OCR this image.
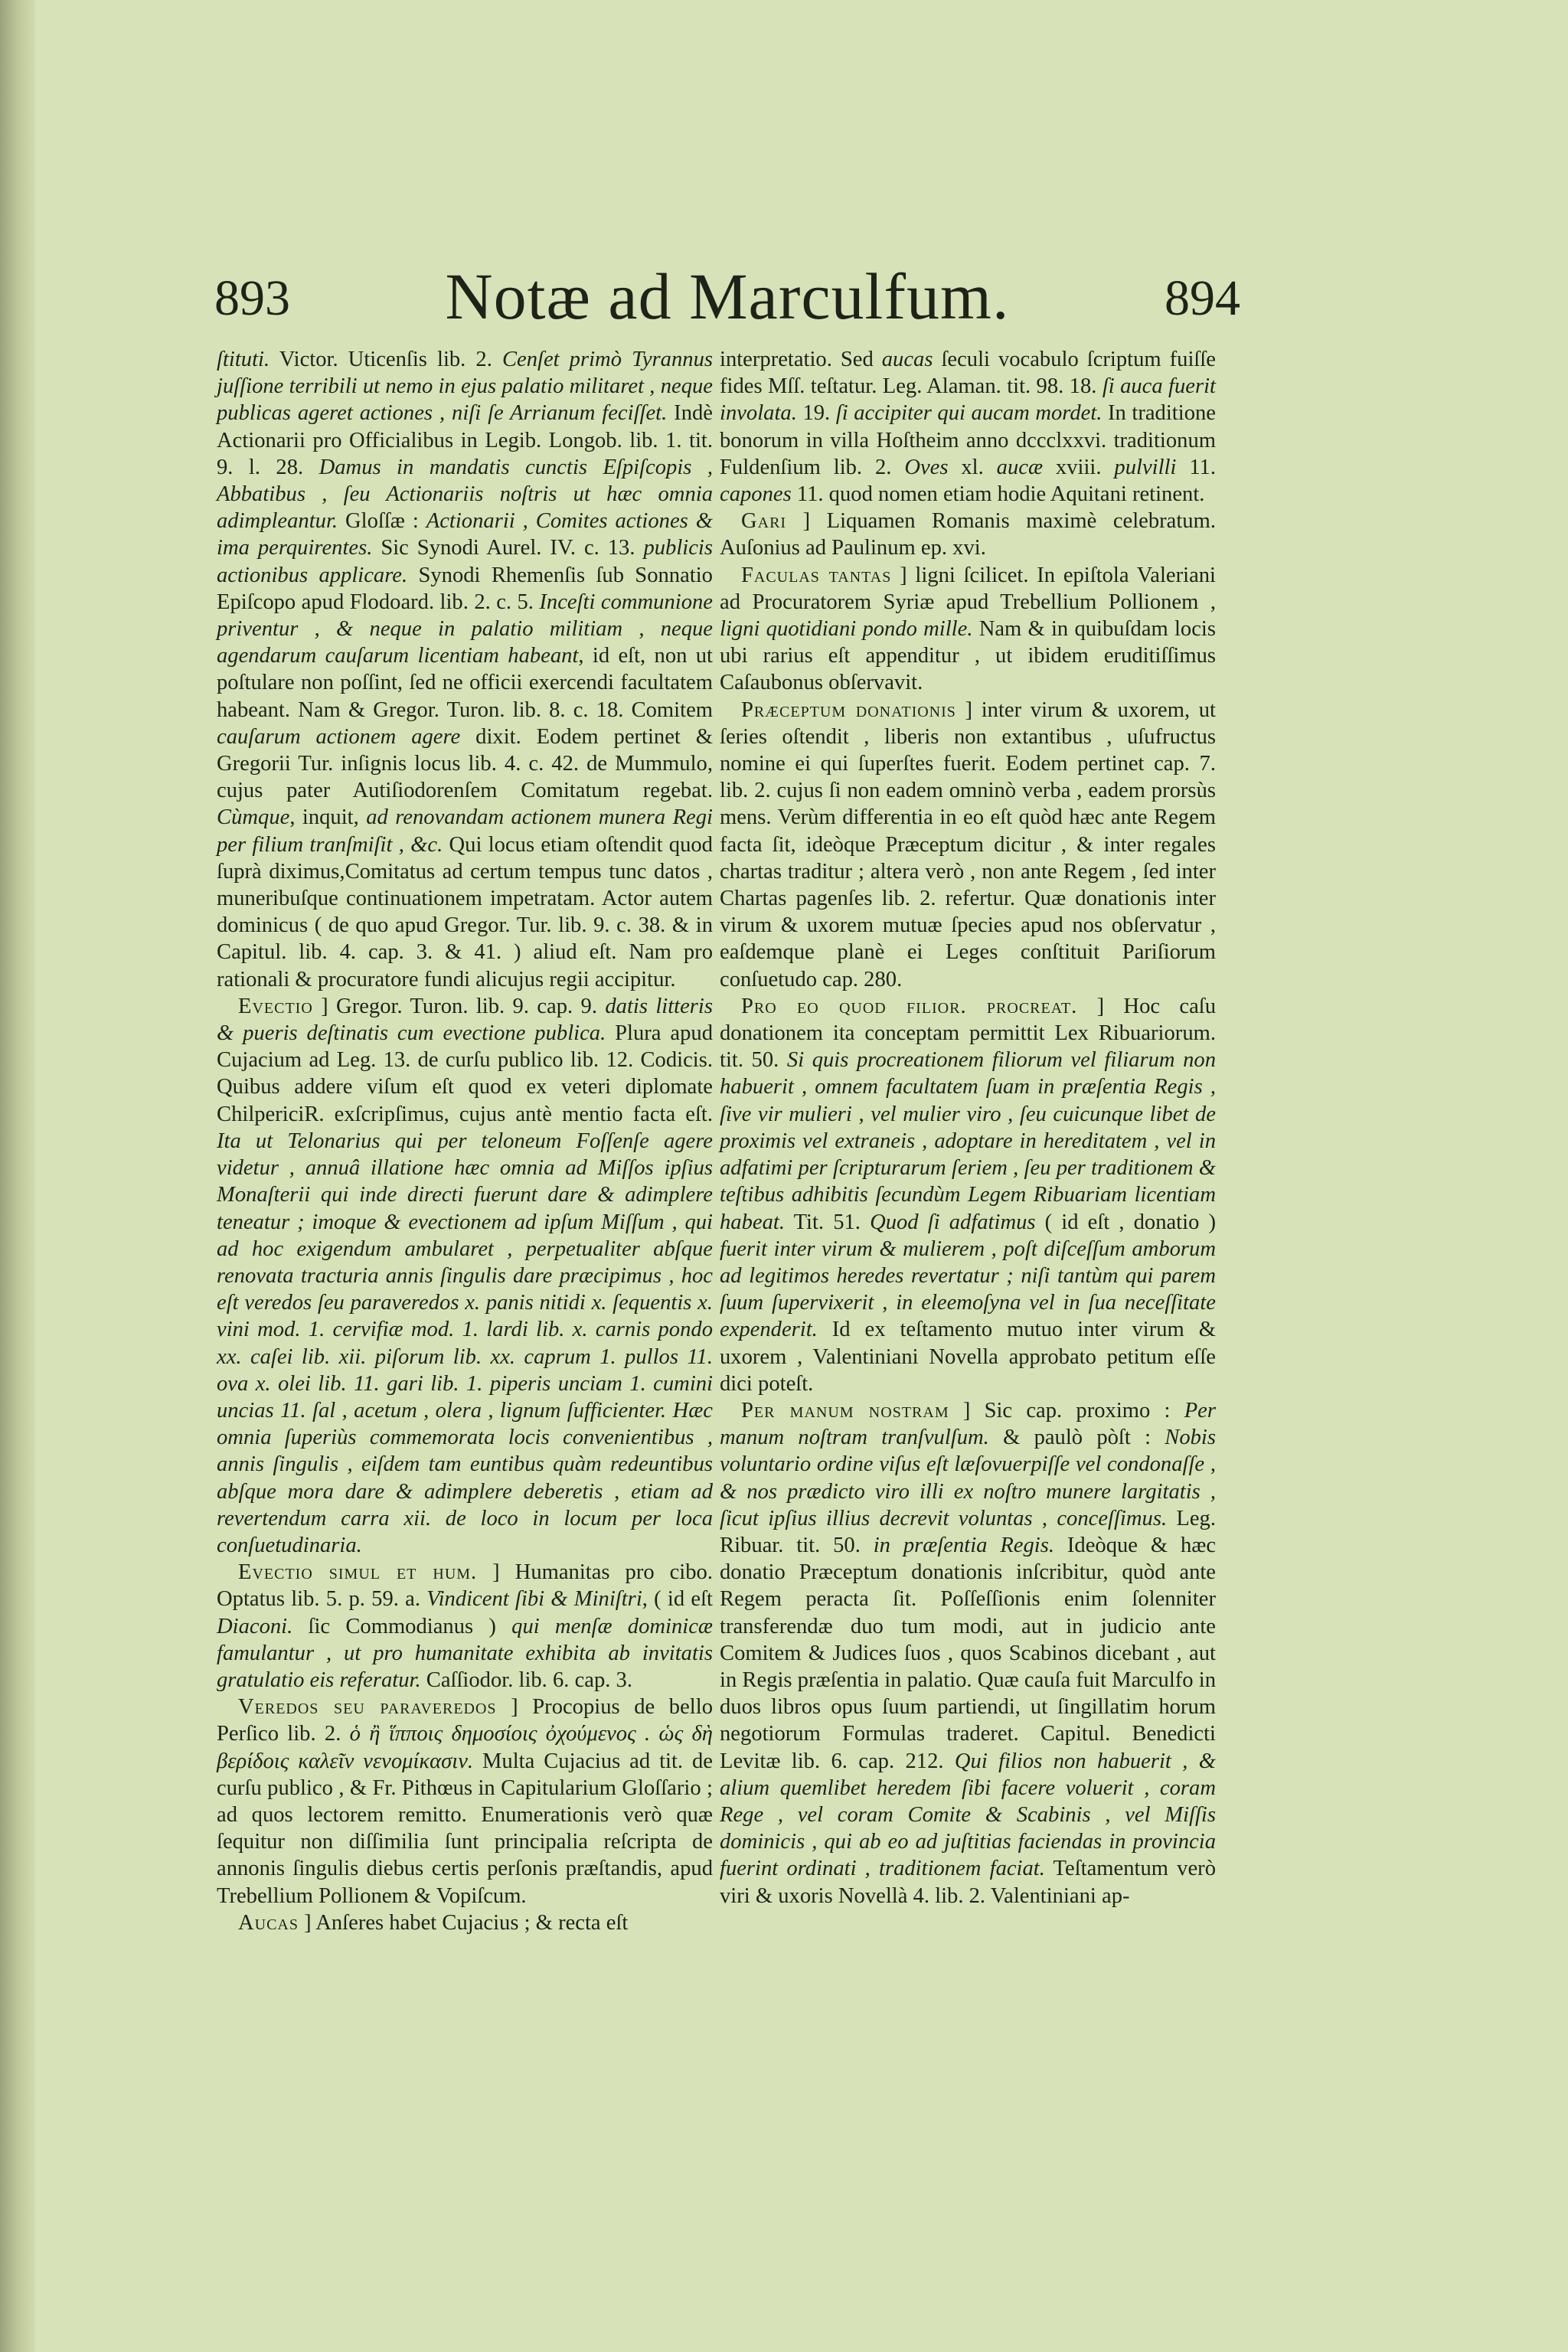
893	Notæ ad Marculfum.	894

ſtituti. Victor. Uticenſis lib. 2. Cenſet primò Tyrannus juſſione terribili ut nemo in ejus palatio militaret , neque publicas ageret actiones , niſi ſe Arrianum feciſſet. Indè Actionarii pro Officialibus in Legib. Longob. lib. 1. tit. 9. l. 28. Damus in mandatis cunctis Eſpiſcopis , Abbatibus , ſeu Actionariis noſtris ut hæc omnia adimpleantur. Gloſſæ : Actionarii , Comites actiones & ima perquirentes. Sic Synodi Aurel. IV. c. 13. publicis actionibus applicare. Synodi Rhemenſis ſub Sonnatio Epiſcopo apud Flodoard. lib. 2. c. 5. Inceſti communione priventur , & neque in palatio militiam , neque agendarum cauſarum licentiam habeant, id eſt, non ut poſtulare non poſſint, ſed ne officii exercendi facultatem habeant. Nam & Gregor. Turon. lib. 8. c. 18. Comitem cauſarum actionem agere dixit. Eodem pertinet & Gregorii Tur. inſignis locus lib. 4. c. 42. de Mummulo, cujus pater Autiſiodorenſem Comitatum regebat. Cùmque, inquit, ad renovandam actionem munera Regi per filium tranſmiſit , &c. Qui locus etiam oſtendit quod ſuprà diximus,Comitatus ad certum tempus tunc datos , muneribuſque continuationem impetratam. Actor autem dominicus ( de quo apud Gregor. Tur. lib. 9. c. 38. & in Capitul. lib. 4. cap. 3. & 41. ) aliud eſt. Nam pro rationali & procuratore fundi alicujus regii accipitur.

Evectio ] Gregor. Turon. lib. 9. cap. 9. datis litteris & pueris deſtinatis cum evectione publica. Plura apud Cujacium ad Leg. 13. de curſu publico lib. 12. Codicis. Quibus addere viſum eſt quod ex veteri diplomate ChilpericiR. exſcripſimus, cujus antè mentio facta eſt. Ita ut Telonarius qui per teloneum Foſſenſe agere videtur , annuâ illatione hæc omnia ad Miſſos ipſius Monaſterii qui inde directi fuerunt dare & adimplere teneatur ; imoque & evectionem ad ipſum Miſſum , qui ad hoc exigendum ambularet , perpetualiter abſque renovata tracturia annis ſingulis dare præcipimus , hoc eſt veredos ſeu paraveredos x. panis nitidi x. ſequentis x. vini mod. 1. cervifiæ mod. 1. lardi lib. x. carnis pondo xx. caſei lib. xii. piſorum lib. xx. caprum 1. pullos 11. ova x. olei lib. 11. gari lib. 1. piperis unciam 1. cumini uncias 11. ſal , acetum , olera , lignum ſufficienter. Hæc omnia ſuperiùs commemorata locis convenientibus , annis ſingulis , eiſdem tam euntibus quàm redeuntibus abſque mora dare & adimplere deberetis , etiam ad revertendum carra xii. de loco in locum per loca conſuetudinaria.

Evectio simul et hum. ] Humanitas pro cibo. Optatus lib. 5. p. 59. a. Vindicent ſibi & Miniſtri, ( id eſt Diaconi. ſic Commodianus ) qui menſæ dominicæ famulantur , ut pro humanitate exhibita ab invitatis gratulatio eis referatur. Caſſiodor. lib. 6. cap. 3.

Veredos seu paraveredos ] Procopius de bello Perſico lib. 2. ὁ ἢ ἵπποις δημοσίοις ὀχούμενος . ὡς δὴ βερίδοις καλεῖν νενομίκασιν. Multa Cujacius ad tit. de curſu publico , & Fr. Pithœus in Capitularium Gloſſario ; ad quos lectorem remitto. Enumerationis verò quæ ſequitur non diſſimilia ſunt principalia reſcripta de annonis ſingulis diebus certis perſonis præſtandis, apud Trebellium Pollionem & Vopiſcum.

Aucas ] Anſeres habet Cujacius ; & recta eſt

interpretatio. Sed aucas ſeculi vocabulo ſcriptum fuiſſe fides Mſſ. teſtatur. Leg. Alaman. tit. 98. 18. ſi auca fuerit involata. 19. ſi accipiter qui aucam mordet. In traditione bonorum in villa Hoſtheim anno dccclxxvi. traditionum Fuldenſium lib. 2. Oves xl. aucæ xviii. pulvilli 11. capones 11. quod nomen etiam hodie Aquitani retinent.

Gari ] Liquamen Romanis maximè celebratum. Auſonius ad Paulinum ep. xvi.

Faculas tantas ] ligni ſcilicet. In epiſtola Valeriani ad Procuratorem Syriæ apud Trebellium Pollionem , ligni quotidiani pondo mille. Nam & in quibuſdam locis ubi rarius eſt appenditur , ut ibidem eruditiſſimus Caſaubonus obſervavit.

Præceptum donationis ] inter virum & uxorem, ut ſeries oſtendit , liberis non extantibus , uſufructus nomine ei qui ſuperſtes fuerit. Eodem pertinet cap. 7. lib. 2. cujus ſi non eadem omninò verba , eadem prorsùs mens. Verùm differentia in eo eſt quòd hæc ante Regem facta ſit, ideòque Præceptum dicitur , & inter regales chartas traditur ; altera verò , non ante Regem , ſed inter Chartas pagenſes lib. 2. refertur. Quæ donationis inter virum & uxorem mutuæ ſpecies apud nos obſervatur , eaſdemque planè ei Leges conſtituit Pariſiorum conſuetudo cap. 280.

Pro eo quod filior. procreat. ] Hoc caſu donationem ita conceptam permittit Lex Ribuariorum. tit. 50. Si quis procreationem filiorum vel filiarum non habuerit , omnem facultatem ſuam in præſentia Regis , ſive vir mulieri , vel mulier viro , ſeu cuicunque libet de proximis vel extraneis , adoptare in hereditatem , vel in adfatimi per ſcripturarum ſeriem , ſeu per traditionem & teſtibus adhibitis ſecundùm Legem Ribuariam licentiam habeat. Tit. 51. Quod ſi adfatimus ( id eſt , donatio ) fuerit inter virum & mulierem , poſt diſceſſum amborum ad legitimos heredes revertatur ; niſi tantùm qui parem ſuum ſupervixerit , in eleemoſyna vel in ſua neceſſitate expenderit. Id ex teſtamento mutuo inter virum & uxorem , Valentiniani Novella approbato petitum eſſe dici poteſt.

Per manum nostram ] Sic cap. proximo : Per manum noſtram tranſvulſum. & paulò pòſt : Nobis voluntario ordine viſus eſt læſovuerpiſſe vel condonaſſe , & nos prædicto viro illi ex noſtro munere largitatis , ſicut ipſius illius decrevit voluntas , conceſſimus. Leg. Ribuar. tit. 50. in præſentia Regis. Ideòque & hæc donatio Præceptum donationis inſcribitur, quòd ante Regem peracta ſit. Poſſeſſionis enim ſolenniter transferendæ duo tum modi, aut in judicio ante Comitem & Judices ſuos , quos Scabinos dicebant , aut in Regis præſentia in palatio. Quæ cauſa fuit Marculfo in duos libros opus ſuum partiendi, ut ſingillatim horum negotiorum Formulas traderet. Capitul. Benedicti Levitæ lib. 6. cap. 212. Qui filios non habuerit , & alium quemlibet heredem ſibi facere voluerit , coram Rege , vel coram Comite & Scabinis , vel Miſſis dominicis , qui ab eo ad juſtitias faciendas in provincia fuerint ordinati , traditionem faciat. Teſtamentum verò viri & uxoris Novellà 4. lib. 2. Valentiniani ap-
